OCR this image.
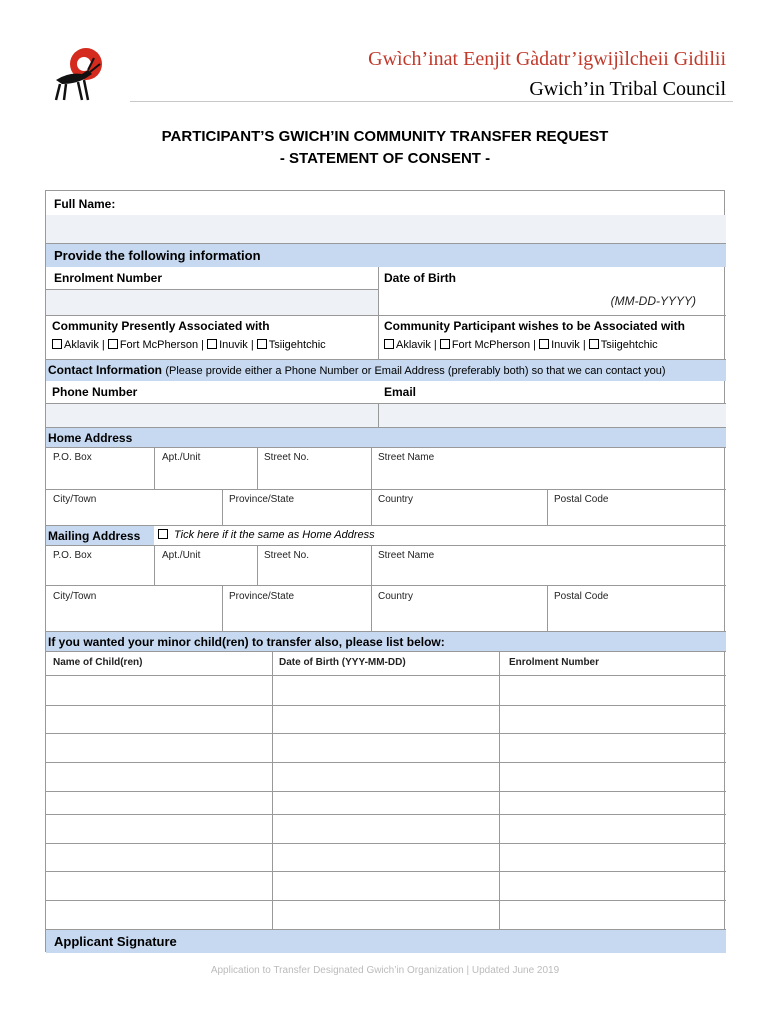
Gwìch’inat Eenjit Gàdatr’igwijìlcheii Gidilii
Gwich’in Tribal Council
PARTICIPANT’S GWICH’IN COMMUNITY TRANSFER REQUEST
- STATEMENT OF CONSENT -
Full Name:
Provide the following information
Enrolment Number	Date of Birth
(MM-DD-YYYY)
Community Presently Associated with	Community Participant wishes to be Associated with
Aklavik | Fort McPherson | Inuvik | Tsiigehtchic	Aklavik | Fort McPherson | Inuvik | Tsiigehtchic
Contact Information (Please provide either a Phone Number or Email Address (preferably both) so that we can contact you)
Phone Number	Email
Home Address
P.O. Box	Apt./Unit	Street No.	Street Name
City/Town	Province/State	Country	Postal Code
Mailing Address	Tick here if it the same as Home Address
P.O. Box	Apt./Unit	Street No.	Street Name
City/Town	Province/State	Country	Postal Code
If you wanted your minor child(ren) to transfer also, please list below:
Name of Child(ren)	Date of Birth (YYY-MM-DD)	Enrolment Number
Applicant Signature
Application to Transfer Designated Gwich’in Organization | Updated June 2019
